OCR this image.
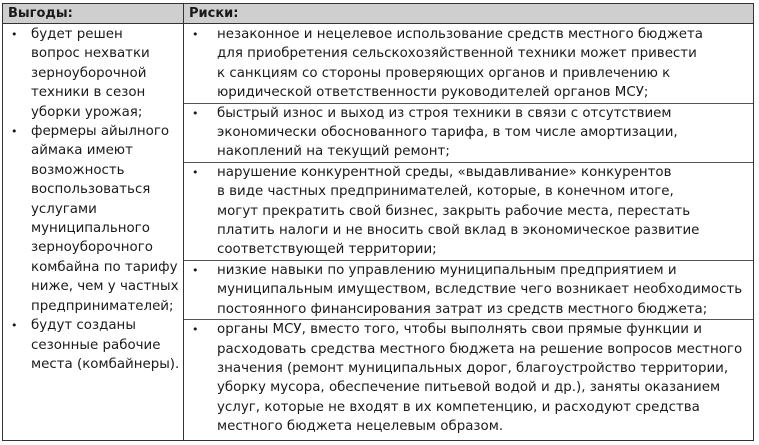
Выгоды:	Риски:
• будет решен
вопрос нехватки
зерноуборочной
техники в сезон
уборки урожая;
• фермеры айылного
аймака имеют
возможность
воспользоваться
услугами
муниципального
зерноуборочного
комбайна по тарифу
ниже, чем у частных
предпринимателей;
• будут созданы
сезонные рабочие
места (комбайнеры).
• незаконное и нецелевое использование средств местного бюджета
для приобретения сельскохозяйственной техники может привести
к санкциям со стороны проверяющих органов и привлечению к
юридической ответственности руководителей органов МСУ;
• быстрый износ и выход из строя техники в связи с отсутствием
экономически обоснованного тарифа, в том числе амортизации,
накоплений на текущий ремонт;
• нарушение конкурентной среды, «выдавливание» конкурентов
в виде частных предпринимателей, которые, в конечном итоге,
могут прекратить свой бизнес, закрыть рабочие места, перестать
платить налоги и не вносить свой вклад в экономическое развитие
соответствующей территории;
• низкие навыки по управлению муниципальным предприятием и
муниципальным имуществом, вследствие чего возникает необходимость
постоянного финансирования затрат из средств местного бюджета;
• органы МСУ, вместо того, чтобы выполнять свои прямые функции и
расходовать средства местного бюджета на решение вопросов местного
значения (ремонт муниципальных дорог, благоустройство территории,
уборку мусора, обеспечение питьевой водой и др.), заняты оказанием
услуг, которые не входят в их компетенцию, и расходуют средства
местного бюджета нецелевым образом.
